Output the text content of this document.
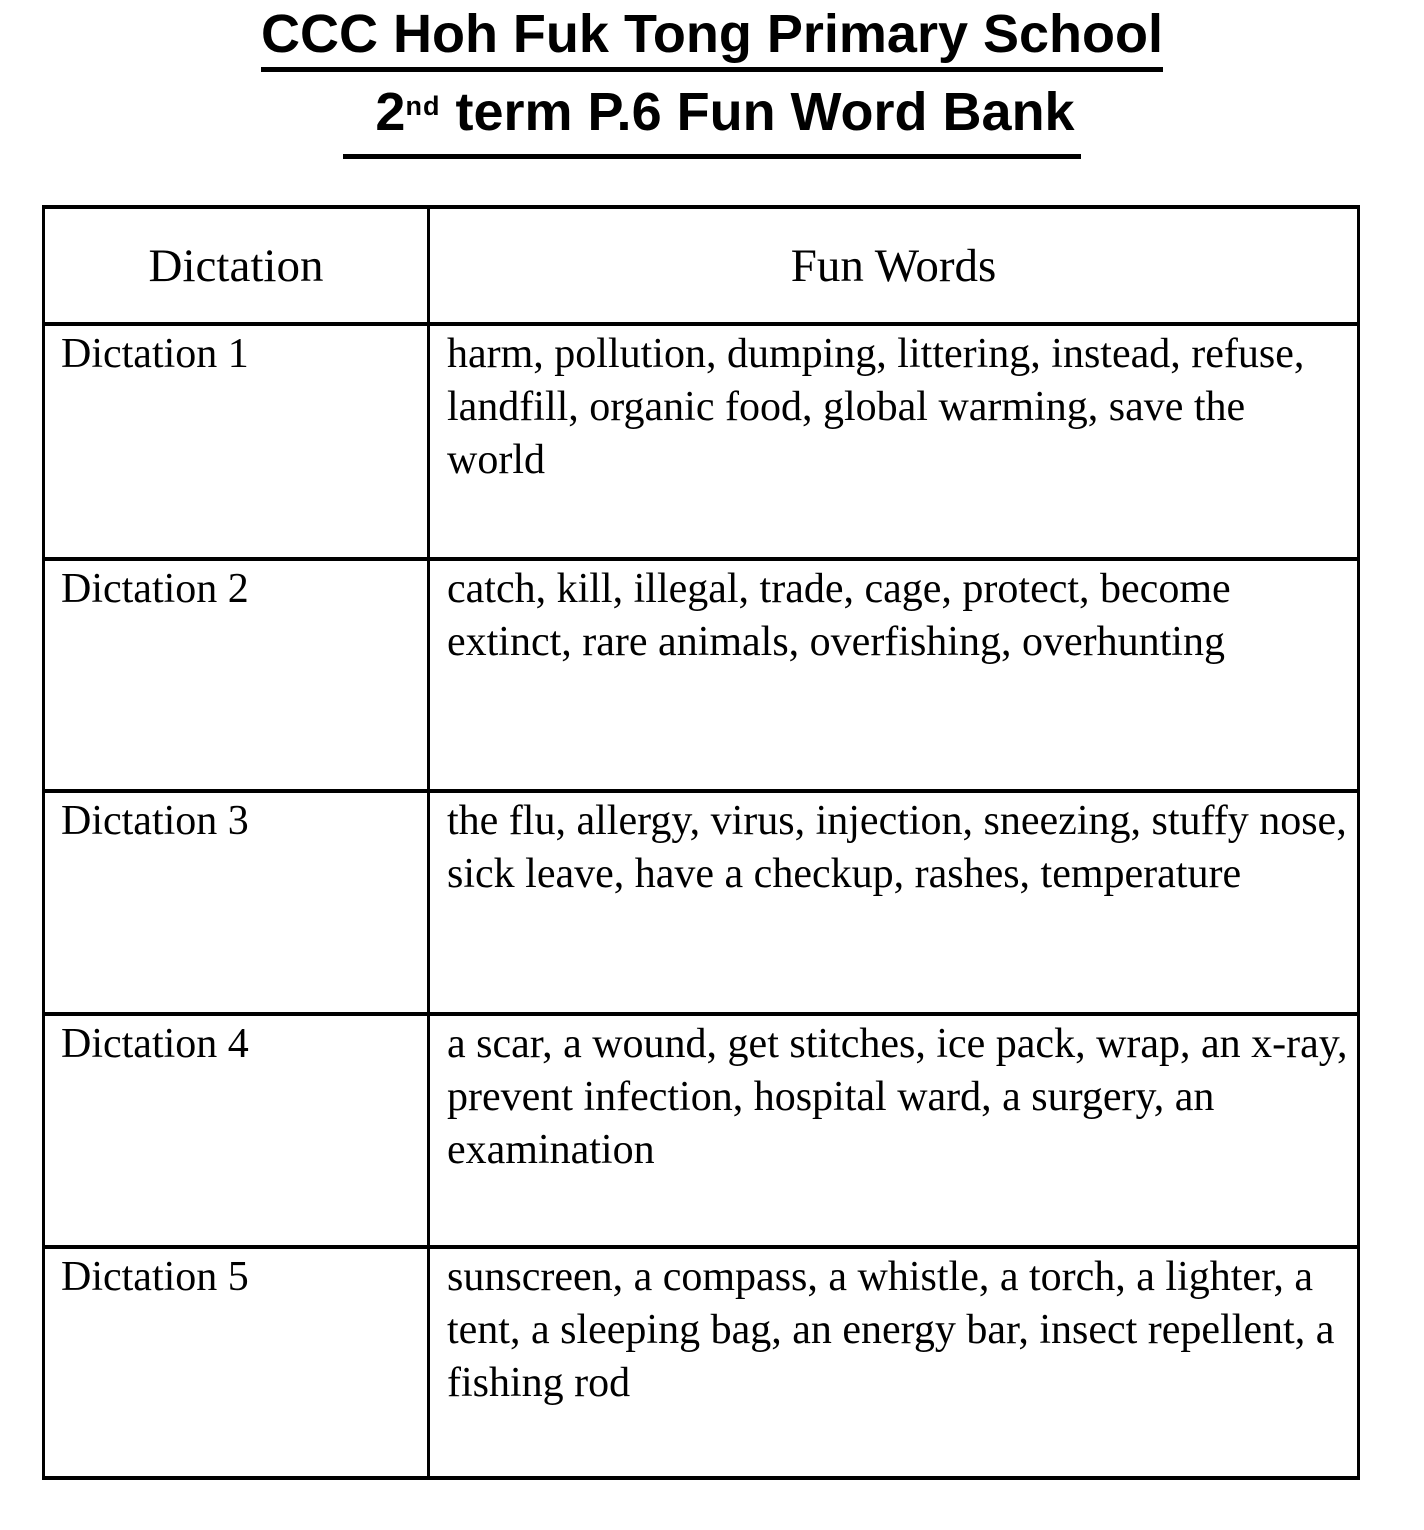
CCC Hoh Fuk Tong Primary School
2nd term P.6 Fun Word Bank
Dictation	Fun Words
Dictation 1	harm, pollution, dumping, littering, instead, refuse, landfill, organic food, global warming, save the world
Dictation 2	catch, kill, illegal, trade, cage, protect, become extinct, rare animals, overfishing, overhunting
Dictation 3	the flu, allergy, virus, injection, sneezing, stuffy nose, sick leave, have a checkup, rashes, temperature
Dictation 4	a scar, a wound, get stitches, ice pack, wrap, an x-ray, prevent infection, hospital ward, a surgery, an examination
Dictation 5	sunscreen, a compass, a whistle, a torch, a lighter, a tent, a sleeping bag, an energy bar, insect repellent, a fishing rod
